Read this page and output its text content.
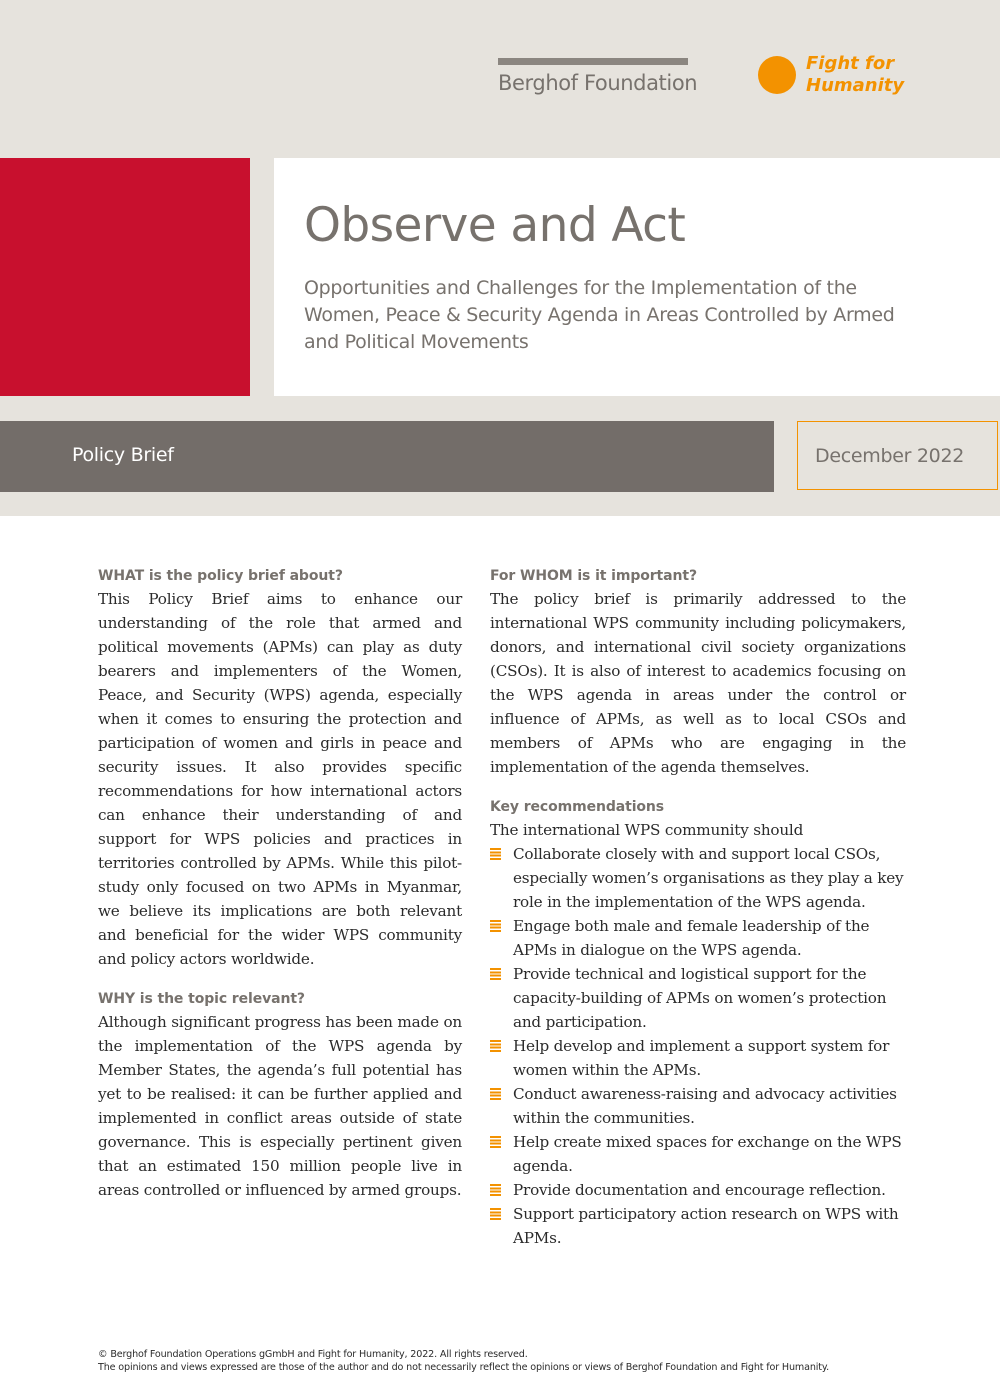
Berghof Foundation
Fight for
Humanity
Observe and Act

Opportunities and Challenges for the Implementation of the Women, Peace & Security Agenda in Areas Controlled by Armed and Political Movements

Policy Brief	December 2022
WHAT is the policy brief about?

This Policy Brief aims to enhance our understanding of the role that armed and political movements (APMs) can play as duty bearers and implementers of the Women, Peace, and Security (WPS) agenda, especially when it comes to ensuring the protection and participation of women and girls in peace and security issues. It also provides specific recommendations for how international actors can enhance their understanding of and support for WPS policies and practices in territories controlled by APMs. While this pilot-study only focused on two APMs in Myanmar, we believe its implications are both relevant and beneficial for the wider WPS community and policy actors worldwide.

WHY is the topic relevant?

Although significant progress has been made on the implementation of the WPS agenda by Member States, the agenda’s full potential has yet to be realised: it can be further applied and implemented in conflict areas outside of state governance. This is especially pertinent given that an estimated 150 million people live in areas controlled or influenced by armed groups.

For WHOM is it important?

The policy brief is primarily addressed to the international WPS community including policymakers, donors, and international civil society organizations (CSOs). It is also of interest to academics focusing on the WPS agenda in areas under the control or influence of APMs, as well as to local CSOs and members of APMs who are engaging in the implementation of the agenda themselves.

Key recommendations

The international WPS community should

Collaborate closely with and support local CSOs, especially women’s organisations as they play a key role in the implementation of the WPS agenda.
Engage both male and female leadership of the APMs in dialogue on the WPS agenda.
Provide technical and logistical support for the capacity-building of APMs on women’s protection and participation.
Help develop and implement a support system for women within the APMs.
Conduct awareness-raising and advocacy activities within the communities.
Help create mixed spaces for exchange on the WPS agenda.
Provide documentation and encourage reflection.
Support participatory action research on WPS with APMs.
© Berghof Foundation Operations gGmbH and Fight for Humanity, 2022. All rights reserved.
The opinions and views expressed are those of the author and do not necessarily reflect the opinions or views of Berghof Foundation and Fight for Humanity.
